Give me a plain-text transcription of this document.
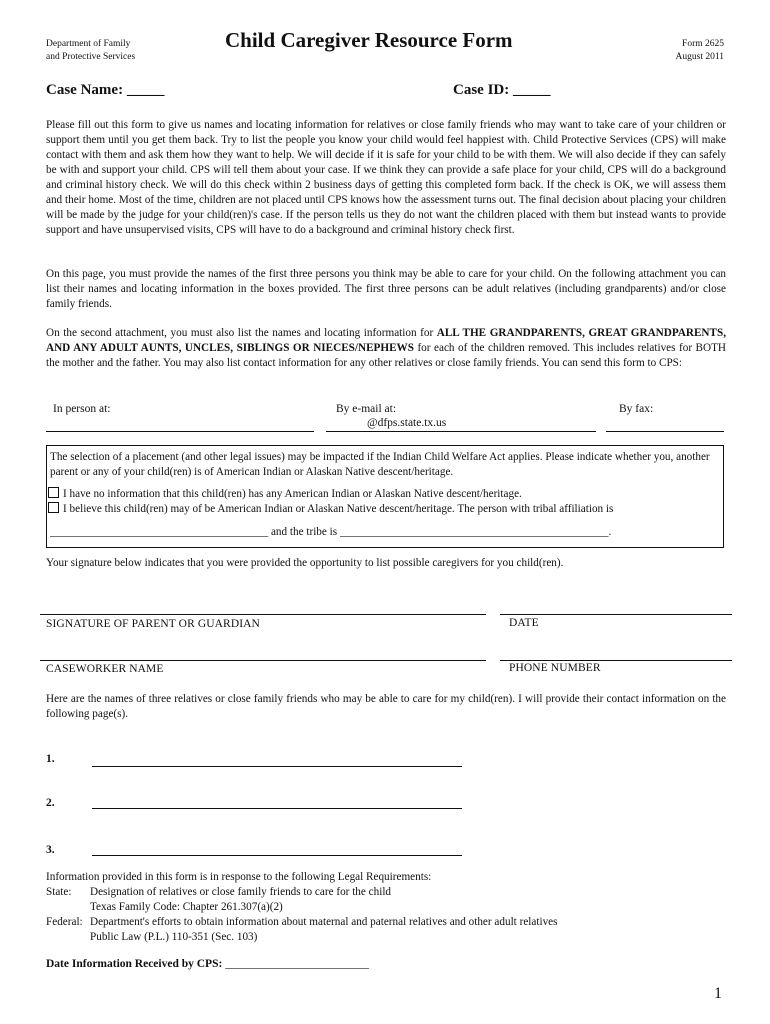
Department of Family
and Protective Services
Child Caregiver Resource Form	Form 2625
August 2011
Case Name: _____	Case ID: _____

Please fill out this form to give us names and locating information for relatives or close family friends who may want to take care of your children or support them until you get them back. Try to list the people you know your child would feel happiest with. Child Protective Services (CPS) will make contact with them and ask them how they want to help. We will decide if it is safe for your child to be with them. We will also decide if they can safely be with and support your child. CPS will tell them about your case. If we think they can provide a safe place for your child, CPS will do a background and criminal history check. We will do this check within 2 business days of getting this completed form back. If the check is OK, we will assess them and their home. Most of the time, children are not placed until CPS knows how the assessment turns out. The final decision about placing your children will be made by the judge for your child(ren)'s case. If the person tells us they do not want the children placed with them but instead wants to provide support and have unsupervised visits, CPS will have to do a background and criminal history check first.

On this page, you must provide the names of the first three persons you think may be able to care for your child. On the following attachment you can list their names and locating information in the boxes provided. The first three persons can be adult relatives (including grandparents) and/or close family friends.

On the second attachment, you must also list the names and locating information for ALL THE GRANDPARENTS, GREAT GRANDPARENTS, AND ANY ADULT AUNTS, UNCLES, SIBLINGS OR NIECES/NEPHEWS for each of the children removed. This includes relatives for BOTH the mother and the father. You may also list contact information for any other relatives or close family friends. You can send this form to CPS:

In person at:	By e-mail at:
@dfps.state.tx.us
By fax:
The selection of a placement (and other legal issues) may be impacted if the Indian Child Welfare Act applies. Please indicate whether you, another parent or any of your child(ren) is of American Indian or Alaskan Native descent/heritage.
I have no information that this child(ren) has any American Indian or Alaskan Native descent/heritage.
I believe this child(ren) may of be American Indian or Alaskan Native descent/heritage. The person with tribal affiliation is
_______________________________________ and the tribe is ________________________________________________.
Your signature below indicates that you were provided the opportunity to list possible caregivers for you child(ren).
SIGNATURE OF PARENT OR GUARDIAN	DATE
CASEWORKER NAME	PHONE NUMBER

Here are the names of three relatives or close family friends who may be able to care for my child(ren). I will provide their contact information on the following page(s).

1.
2.
3.
Information provided in this form is in response to the following Legal Requirements:
State: Designation of relatives or close family friends to care for the child
Texas Family Code: Chapter 261.307(a)(2)
Federal: Department's efforts to obtain information about maternal and paternal relatives and other adult relatives
Public Law (P.L.) 110-351 (Sec. 103)
Date Information Received by CPS: _________________________
1
